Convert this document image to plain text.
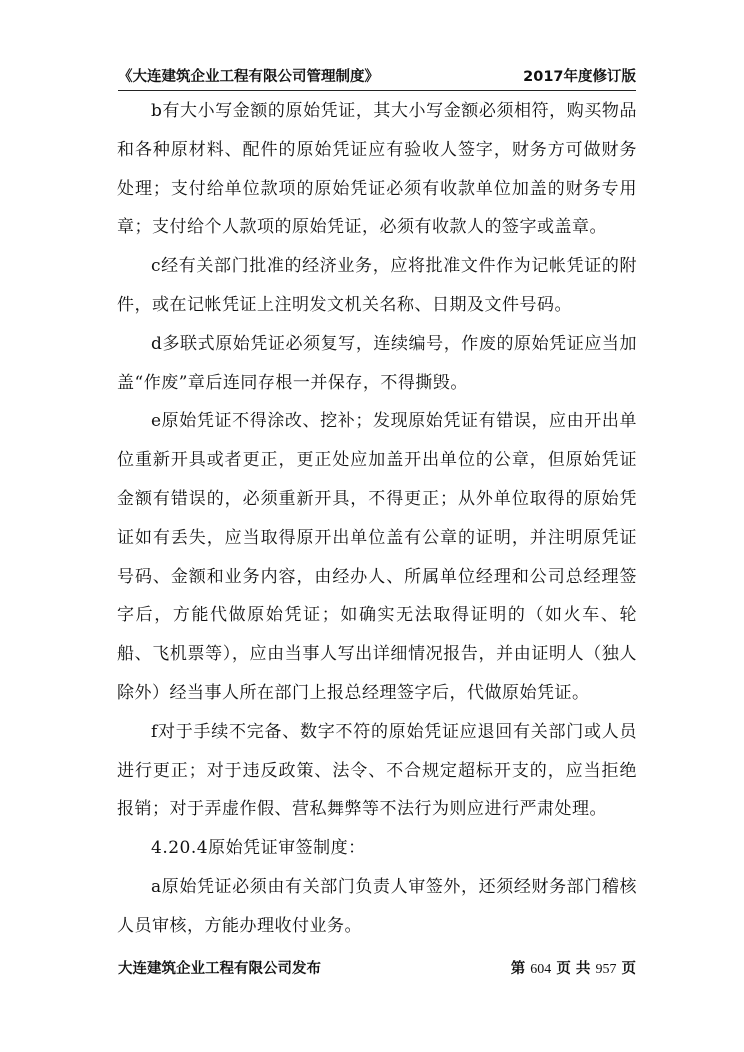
《大连建筑企业工程有限公司管理制度》	2017年度修订版

b有大小写金额的原始凭证，其大小写金额必须相符，购买物品和各种原材料、配件的原始凭证应有验收人签字，财务方可做财务处理；支付给单位款项的原始凭证必须有收款单位加盖的财务专用章；支付给个人款项的原始凭证，必须有收款人的签字或盖章。

c经有关部门批准的经济业务，应将批准文件作为记帐凭证的附件，或在记帐凭证上注明发文机关名称、日期及文件号码。

d多联式原始凭证必须复写，连续编号，作废的原始凭证应当加盖“作废”章后连同存根一并保存，不得撕毁。

e原始凭证不得涂改、挖补；发现原始凭证有错误，应由开出单位重新开具或者更正，更正处应加盖开出单位的公章，但原始凭证金额有错误的，必须重新开具，不得更正；从外单位取得的原始凭证如有丢失，应当取得原开出单位盖有公章的证明，并注明原凭证号码、金额和业务内容，由经办人、所属单位经理和公司总经理签字后，方能代做原始凭证；如确实无法取得证明的（如火车、轮船、飞机票等），应由当事人写出详细情况报告，并由证明人（独人除外）经当事人所在部门上报总经理签字后，代做原始凭证。

f对于手续不完备、数字不符的原始凭证应退回有关部门或人员进行更正；对于违反政策、法令、不合规定超标开支的，应当拒绝报销；对于弄虚作假、营私舞弊等不法行为则应进行严肃处理。

4.20.4原始凭证审签制度：

a原始凭证必须由有关部门负责人审签外，还须经财务部门稽核人员审核，方能办理收付业务。

大连建筑企业工程有限公司发布	第 604 页 共 957 页
